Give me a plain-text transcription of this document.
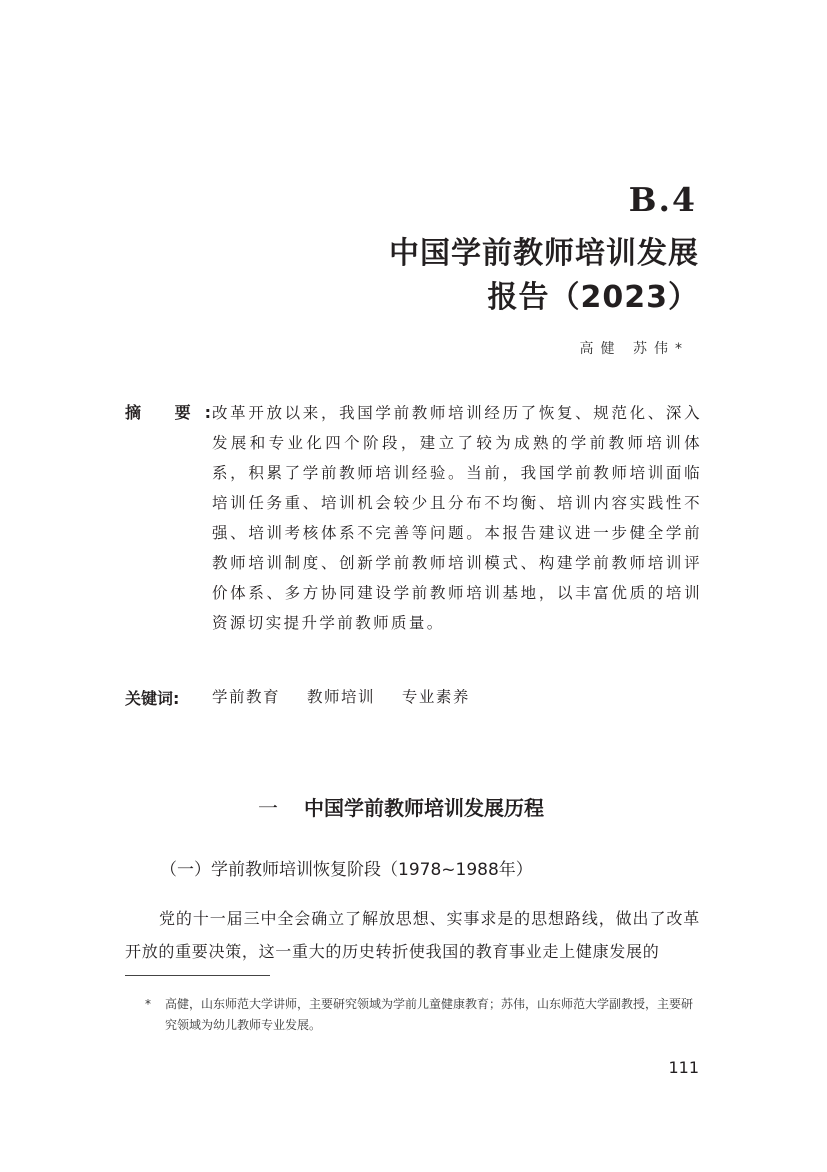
B.4
中国学前教师培训发展
报告（2023）
高健 苏伟*
摘 要:
改革开放以来，我国学前教师培训经历了恢复、规范化、深入发展和专业化四个阶段，建立了较为成熟的学前教师培训体系，积累了学前教师培训经验。当前，我国学前教师培训面临培训任务重、培训机会较少且分布不均衡、培训内容实践性不强、培训考核体系不完善等问题。本报告建议进一步健全学前教师培训制度、创新学前教师培训模式、构建学前教师培训评价体系、多方协同建设学前教师培训基地，以丰富优质的培训资源切实提升学前教师质量。
关键词: 学前教育 教师培训 专业素养
一 中国学前教师培训发展历程
（一）学前教师培训恢复阶段（1978~1988年）
党的十一届三中全会确立了解放思想、实事求是的思想路线，做出了改革开放的重要决策，这一重大的历史转折使我国的教育事业走上健康发展的
*	高健，山东师范大学讲师，主要研究领域为学前儿童健康教育；苏伟，山东师范大学副教授，主要研究领域为幼儿教师专业发展。
111
